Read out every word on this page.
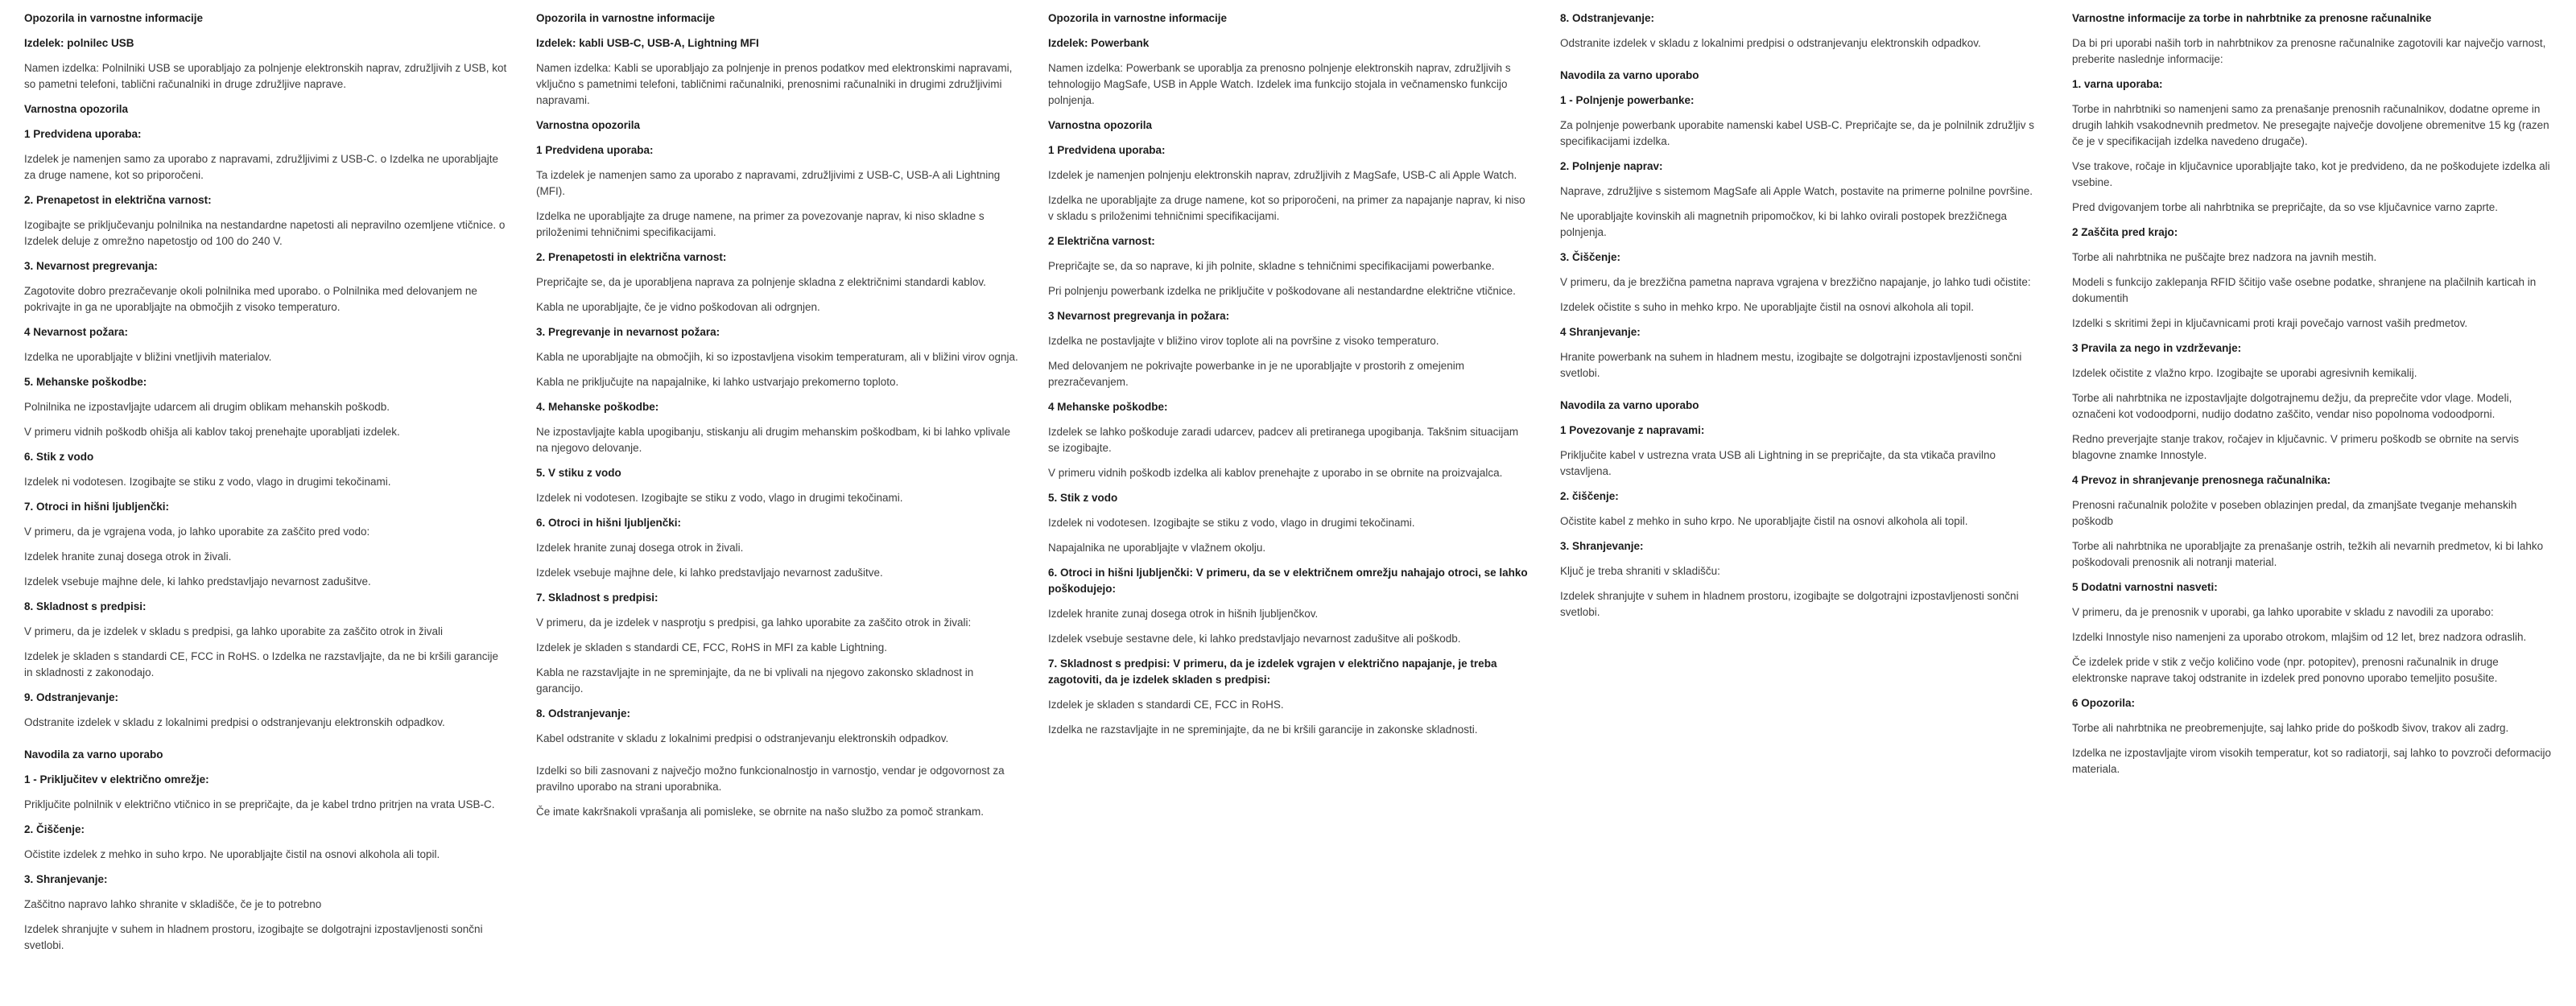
Opozorila in varnostne informacije
Izdelek: polnilec USB

Namen izdelka: Polnilniki USB se uporabljajo za polnjenje elektronskih naprav, združljivih z USB, kot so pametni telefoni, tablični računalniki in druge združljive naprave.

Varnostna opozorila
1 Predvidena uporaba:

Izdelek je namenjen samo za uporabo z napravami, združljivimi z USB-C. o Izdelka ne uporabljajte za druge namene, kot so priporočeni.

2. Prenapetost in električna varnost:

Izogibajte se priključevanju polnilnika na nestandardne napetosti ali nepravilno ozemljene vtičnice. o Izdelek deluje z omrežno napetostjo od 100 do 240 V.

3. Nevarnost pregrevanja:

Zagotovite dobro prezračevanje okoli polnilnika med uporabo. o Polnilnika med delovanjem ne pokrivajte in ga ne uporabljajte na območjih z visoko temperaturo.

4 Nevarnost požara:

Izdelka ne uporabljajte v bližini vnetljivih materialov.

5. Mehanske poškodbe:

Polnilnika ne izpostavljajte udarcem ali drugim oblikam mehanskih poškodb.

V primeru vidnih poškodb ohišja ali kablov takoj prenehajte uporabljati izdelek.

6. Stik z vodo

Izdelek ni vodotesen. Izogibajte se stiku z vodo, vlago in drugimi tekočinami.

7. Otroci in hišni ljubljenčki:

V primeru, da je vgrajena voda, jo lahko uporabite za zaščito pred vodo:

Izdelek hranite zunaj dosega otrok in živali.

Izdelek vsebuje majhne dele, ki lahko predstavljajo nevarnost zadušitve.

8. Skladnost s predpisi:

V primeru, da je izdelek v skladu s predpisi, ga lahko uporabite za zaščito otrok in živali

Izdelek je skladen s standardi CE, FCC in RoHS. o Izdelka ne razstavljajte, da ne bi kršili garancije in skladnosti z zakonodajo.

9. Odstranjevanje:

Odstranite izdelek v skladu z lokalnimi predpisi o odstranjevanju elektronskih odpadkov.

Navodila za varno uporabo
1 - Priključitev v električno omrežje:

Priključite polnilnik v električno vtičnico in se prepričajte, da je kabel trdno pritrjen na vrata USB-C.

2. Čiščenje:

Očistite izdelek z mehko in suho krpo. Ne uporabljajte čistil na osnovi alkohola ali topil.

3. Shranjevanje:

Zaščitno napravo lahko shranite v skladišče, če je to potrebno

Izdelek shranjujte v suhem in hladnem prostoru, izogibajte se dolgotrajni izpostavljenosti sončni svetlobi.

Opozorila in varnostne informacije
Izdelek: kabli USB-C, USB-A, Lightning MFI

Namen izdelka: Kabli se uporabljajo za polnjenje in prenos podatkov med elektronskimi napravami, vključno s pametnimi telefoni, tabličnimi računalniki, prenosnimi računalniki in drugimi združljivimi napravami.

Varnostna opozorila
1 Predvidena uporaba:

Ta izdelek je namenjen samo za uporabo z napravami, združljivimi z USB-C, USB-A ali Lightning (MFI).

Izdelka ne uporabljajte za druge namene, na primer za povezovanje naprav, ki niso skladne s priloženimi tehničnimi specifikacijami.

2. Prenapetosti in električna varnost:

Prepričajte se, da je uporabljena naprava za polnjenje skladna z električnimi standardi kablov.

Kabla ne uporabljajte, če je vidno poškodovan ali odrgnjen.

3. Pregrevanje in nevarnost požara:

Kabla ne uporabljajte na območjih, ki so izpostavljena visokim temperaturam, ali v bližini virov ognja.

Kabla ne priključujte na napajalnike, ki lahko ustvarjajo prekomerno toploto.

4. Mehanske poškodbe:

Ne izpostavljajte kabla upogibanju, stiskanju ali drugim mehanskim poškodbam, ki bi lahko vplivale na njegovo delovanje.

5. V stiku z vodo

Izdelek ni vodotesen. Izogibajte se stiku z vodo, vlago in drugimi tekočinami.

6. Otroci in hišni ljubljenčki:

Izdelek hranite zunaj dosega otrok in živali.

Izdelek vsebuje majhne dele, ki lahko predstavljajo nevarnost zadušitve.

7. Skladnost s predpisi:

V primeru, da je izdelek v nasprotju s predpisi, ga lahko uporabite za zaščito otrok in živali:

Izdelek je skladen s standardi CE, FCC, RoHS in MFI za kable Lightning.

Kabla ne razstavljajte in ne spreminjajte, da ne bi vplivali na njegovo zakonsko skladnost in garancijo.

8. Odstranjevanje:

Kabel odstranite v skladu z lokalnimi predpisi o odstranjevanju elektronskih odpadkov.

Izdelki so bili zasnovani z največjo možno funkcionalnostjo in varnostjo, vendar je odgovornost za pravilno uporabo na strani uporabnika.

Če imate kakršnakoli vprašanja ali pomisleke, se obrnite na našo službo za pomoč strankam.

Opozorila in varnostne informacije
Izdelek: Powerbank

Namen izdelka: Powerbank se uporablja za prenosno polnjenje elektronskih naprav, združljivih s tehnologijo MagSafe, USB in Apple Watch. Izdelek ima funkcijo stojala in večnamensko funkcijo polnjenja.

Varnostna opozorila
1 Predvidena uporaba:

Izdelek je namenjen polnjenju elektronskih naprav, združljivih z MagSafe, USB-C ali Apple Watch.

Izdelka ne uporabljajte za druge namene, kot so priporočeni, na primer za napajanje naprav, ki niso v skladu s priloženimi tehničnimi specifikacijami.

2 Električna varnost:

Prepričajte se, da so naprave, ki jih polnite, skladne s tehničnimi specifikacijami powerbanke.

Pri polnjenju powerbank izdelka ne priključite v poškodovane ali nestandardne električne vtičnice.

3 Nevarnost pregrevanja in požara:

Izdelka ne postavljajte v bližino virov toplote ali na površine z visoko temperaturo.

Med delovanjem ne pokrivajte powerbanke in je ne uporabljajte v prostorih z omejenim prezračevanjem.

4 Mehanske poškodbe:

Izdelek se lahko poškoduje zaradi udarcev, padcev ali pretiranega upogibanja. Takšnim situacijam se izogibajte.

V primeru vidnih poškodb izdelka ali kablov prenehajte z uporabo in se obrnite na proizvajalca.

5. Stik z vodo

Izdelek ni vodotesen. Izogibajte se stiku z vodo, vlago in drugimi tekočinami.

Napajalnika ne uporabljajte v vlažnem okolju.

6. Otroci in hišni ljubljenčki: V primeru, da se v električnem omrežju nahajajo otroci, se lahko poškodujejo:

Izdelek hranite zunaj dosega otrok in hišnih ljubljenčkov.

Izdelek vsebuje sestavne dele, ki lahko predstavljajo nevarnost zadušitve ali poškodb.

7. Skladnost s predpisi: V primeru, da je izdelek vgrajen v električno napajanje, je treba zagotoviti, da je izdelek skladen s predpisi:

Izdelek je skladen s standardi CE, FCC in RoHS.

Izdelka ne razstavljajte in ne spreminjajte, da ne bi kršili garancije in zakonske skladnosti.

8. Odstranjevanje:

Odstranite izdelek v skladu z lokalnimi predpisi o odstranjevanju elektronskih odpadkov.

Navodila za varno uporabo
1 - Polnjenje powerbanke:

Za polnjenje powerbank uporabite namenski kabel USB-C. Prepričajte se, da je polnilnik združljiv s specifikacijami izdelka.

2. Polnjenje naprav:

Naprave, združljive s sistemom MagSafe ali Apple Watch, postavite na primerne polnilne površine.

Ne uporabljajte kovinskih ali magnetnih pripomočkov, ki bi lahko ovirali postopek brezžičnega polnjenja.

3. Čiščenje:

V primeru, da je brezžična pametna naprava vgrajena v brezžično napajanje, jo lahko tudi očistite:

Izdelek očistite s suho in mehko krpo. Ne uporabljajte čistil na osnovi alkohola ali topil.

4 Shranjevanje:

Hranite powerbank na suhem in hladnem mestu, izogibajte se dolgotrajni izpostavljenosti sončni svetlobi.

Navodila za varno uporabo
1 Povezovanje z napravami:

Priključite kabel v ustrezna vrata USB ali Lightning in se prepričajte, da sta vtikača pravilno vstavljena.

2. čiščenje:

Očistite kabel z mehko in suho krpo. Ne uporabljajte čistil na osnovi alkohola ali topil.

3. Shranjevanje:

Ključ je treba shraniti v skladišču:

Izdelek shranjujte v suhem in hladnem prostoru, izogibajte se dolgotrajni izpostavljenosti sončni svetlobi.

Varnostne informacije za torbe in nahrbtnike za prenosne računalnike

Da bi pri uporabi naših torb in nahrbtnikov za prenosne računalnike zagotovili kar največjo varnost, preberite naslednje informacije:

1. varna uporaba:

Torbe in nahrbtniki so namenjeni samo za prenašanje prenosnih računalnikov, dodatne opreme in drugih lahkih vsakodnevnih predmetov. Ne presegajte največje dovoljene obremenitve 15 kg (razen če je v specifikacijah izdelka navedeno drugače).

Vse trakove, ročaje in ključavnice uporabljajte tako, kot je predvideno, da ne poškodujete izdelka ali vsebine.

Pred dvigovanjem torbe ali nahrbtnika se prepričajte, da so vse ključavnice varno zaprte.

2 Zaščita pred krajo:

Torbe ali nahrbtnika ne puščajte brez nadzora na javnih mestih.

Modeli s funkcijo zaklepanja RFID ščitijo vaše osebne podatke, shranjene na plačilnih karticah in dokumentih

Izdelki s skritimi žepi in ključavnicami proti kraji povečajo varnost vaših predmetov.

3 Pravila za nego in vzdrževanje:

Izdelek očistite z vlažno krpo. Izogibajte se uporabi agresivnih kemikalij.

Torbe ali nahrbtnika ne izpostavljajte dolgotrajnemu dežju, da preprečite vdor vlage. Modeli, označeni kot vodoodporni, nudijo dodatno zaščito, vendar niso popolnoma vodoodporni.

Redno preverjajte stanje trakov, ročajev in ključavnic. V primeru poškodb se obrnite na servis blagovne znamke Innostyle.

4 Prevoz in shranjevanje prenosnega računalnika:

Prenosni računalnik položite v poseben oblazinjen predal, da zmanjšate tveganje mehanskih poškodb

Torbe ali nahrbtnika ne uporabljajte za prenašanje ostrih, težkih ali nevarnih predmetov, ki bi lahko poškodovali prenosnik ali notranji material.

5 Dodatni varnostni nasveti:

V primeru, da je prenosnik v uporabi, ga lahko uporabite v skladu z navodili za uporabo:

Izdelki Innostyle niso namenjeni za uporabo otrokom, mlajšim od 12 let, brez nadzora odraslih.

Če izdelek pride v stik z večjo količino vode (npr. potopitev), prenosni računalnik in druge elektronske naprave takoj odstranite in izdelek pred ponovno uporabo temeljito posušite.

6 Opozorila:

Torbe ali nahrbtnika ne preobremenjujte, saj lahko pride do poškodb šivov, trakov ali zadrg.

Izdelka ne izpostavljajte virom visokih temperatur, kot so radiatorji, saj lahko to povzroči deformacijo materiala.
